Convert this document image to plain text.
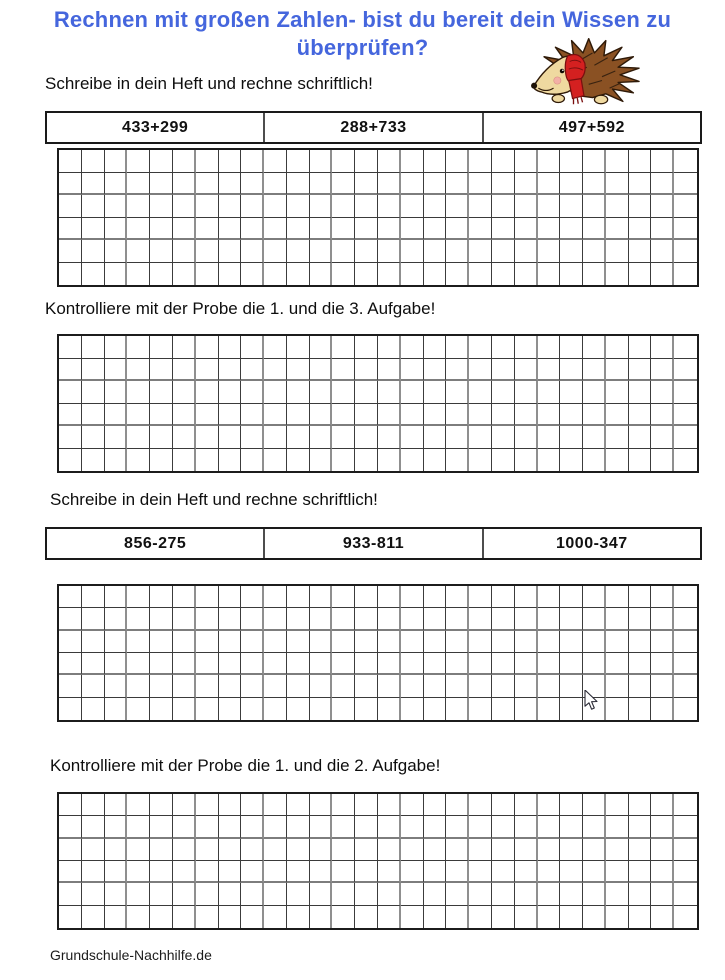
Rechnen mit großen Zahlen- bist du bereit dein Wissen zu
überprüfen?
Schreibe in dein Heft und rechne schriftlich!
433+299	288+733	497+592
Kontrolliere mit der Probe die 1. und die 3. Aufgabe!
Schreibe in dein Heft und rechne schriftlich!
856-275	933-811	1000-347
Kontrolliere mit der Probe die 1. und die 2. Aufgabe!
Grundschule-Nachhilfe.de
